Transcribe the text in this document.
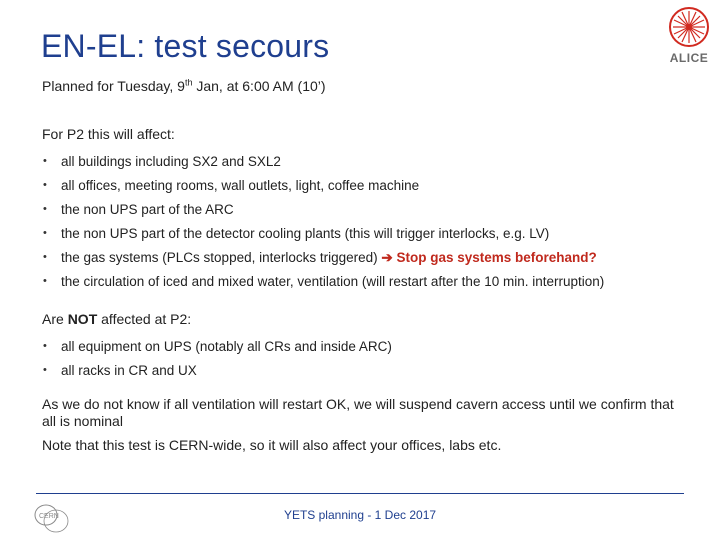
EN-EL: test secours	ALICE

Planned for Tuesday, 9th Jan, at 6:00 AM (10’)

For P2 this will affect:

• all buildings including SX2 and SXL2
• all offices, meeting rooms, wall outlets, light, coffee machine
• the non UPS part of the ARC
• the non UPS part of the detector cooling plants (this will trigger interlocks, e.g. LV)
• the gas systems (PLCs stopped, interlocks triggered) ➔ Stop gas systems beforehand?
• the circulation of iced and mixed water, ventilation (will restart after the 10 min. interruption)

Are NOT affected at P2:

• all equipment on UPS (notably all CRs and inside ARC)
• all racks in CR and UX

As we do not know if all ventilation will restart OK, we will suspend cavern access until we confirm that all is nominal

Note that this test is CERN-wide, so it will also affect your offices, labs etc.

CERN	YETS planning - 1 Dec 2017
